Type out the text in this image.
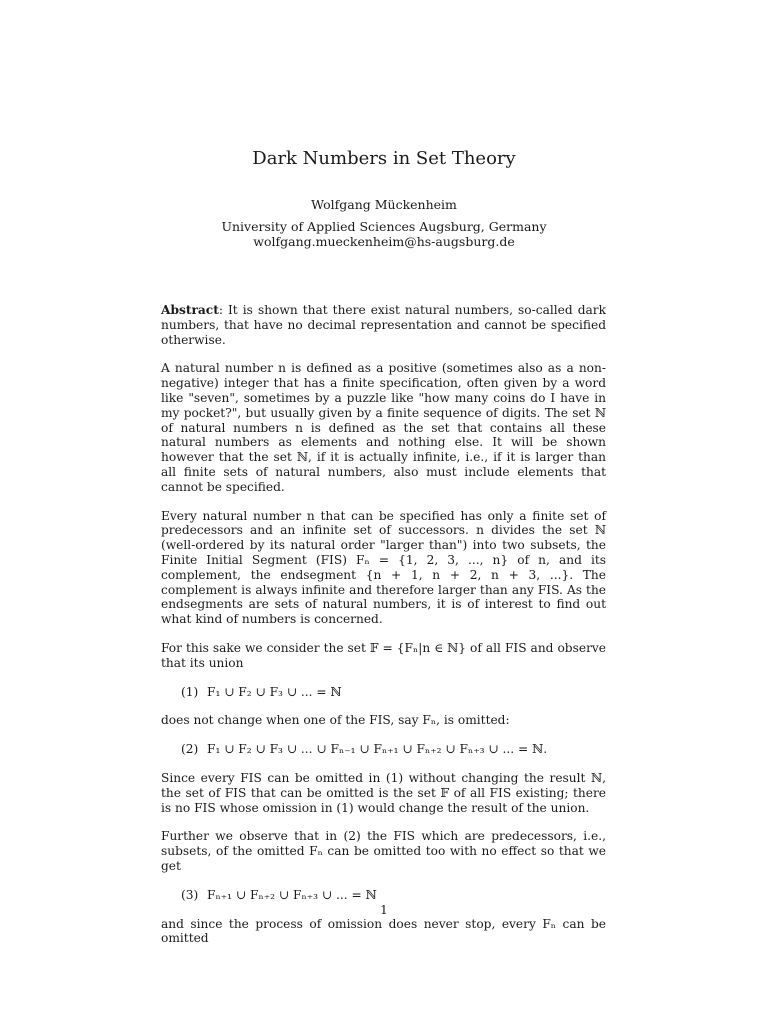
Dark Numbers in Set Theory
Wolfgang Mückenheim
University of Applied Sciences Augsburg, Germany
wolfgang.mueckenheim@hs-augsburg.de

Abstract: It is shown that there exist natural numbers, so-called dark numbers, that have no decimal representation and cannot be specified otherwise.

A natural number n is defined as a positive (sometimes also as a non-negative) integer that has a finite specification, often given by a word like "seven", sometimes by a puzzle like "how many coins do I have in my pocket?", but usually given by a finite sequence of digits. The set ℕ of natural numbers n is defined as the set that contains all these natural numbers as elements and nothing else. It will be shown however that the set ℕ, if it is actually infinite, i.e., if it is larger than all finite sets of natural numbers, also must include elements that cannot be specified.

Every natural number n that can be specified has only a finite set of predecessors and an infinite set of successors. n divides the set ℕ (well-ordered by its natural order "larger than") into two subsets, the Finite Initial Segment (FIS) Fₙ = {1, 2, 3, ..., n} of n, and its complement, the endsegment {n + 1, n + 2, n + 3, ...}. The complement is always infinite and therefore larger than any FIS. As the endsegments are sets of natural numbers, it is of interest to find out what kind of numbers is concerned.

For this sake we consider the set 𝔽 = {Fₙ|n ∈ ℕ} of all FIS and observe that its union

(1) F₁ ∪ F₂ ∪ F₃ ∪ ... = ℕ

does not change when one of the FIS, say Fₙ, is omitted:

(2) F₁ ∪ F₂ ∪ F₃ ∪ ... ∪ Fₙ₋₁ ∪ Fₙ₊₁ ∪ Fₙ₊₂ ∪ Fₙ₊₃ ∪ ... = ℕ.

Since every FIS can be omitted in (1) without changing the result ℕ, the set of FIS that can be omitted is the set 𝔽 of all FIS existing; there is no FIS whose omission in (1) would change the result of the union.

Further we observe that in (2) the FIS which are predecessors, i.e., subsets, of the omitted Fₙ can be omitted too with no effect so that we get

(3) Fₙ₊₁ ∪ Fₙ₊₂ ∪ Fₙ₊₃ ∪ ... = ℕ

and since the process of omission does never stop, every Fₙ can be omitted

1
